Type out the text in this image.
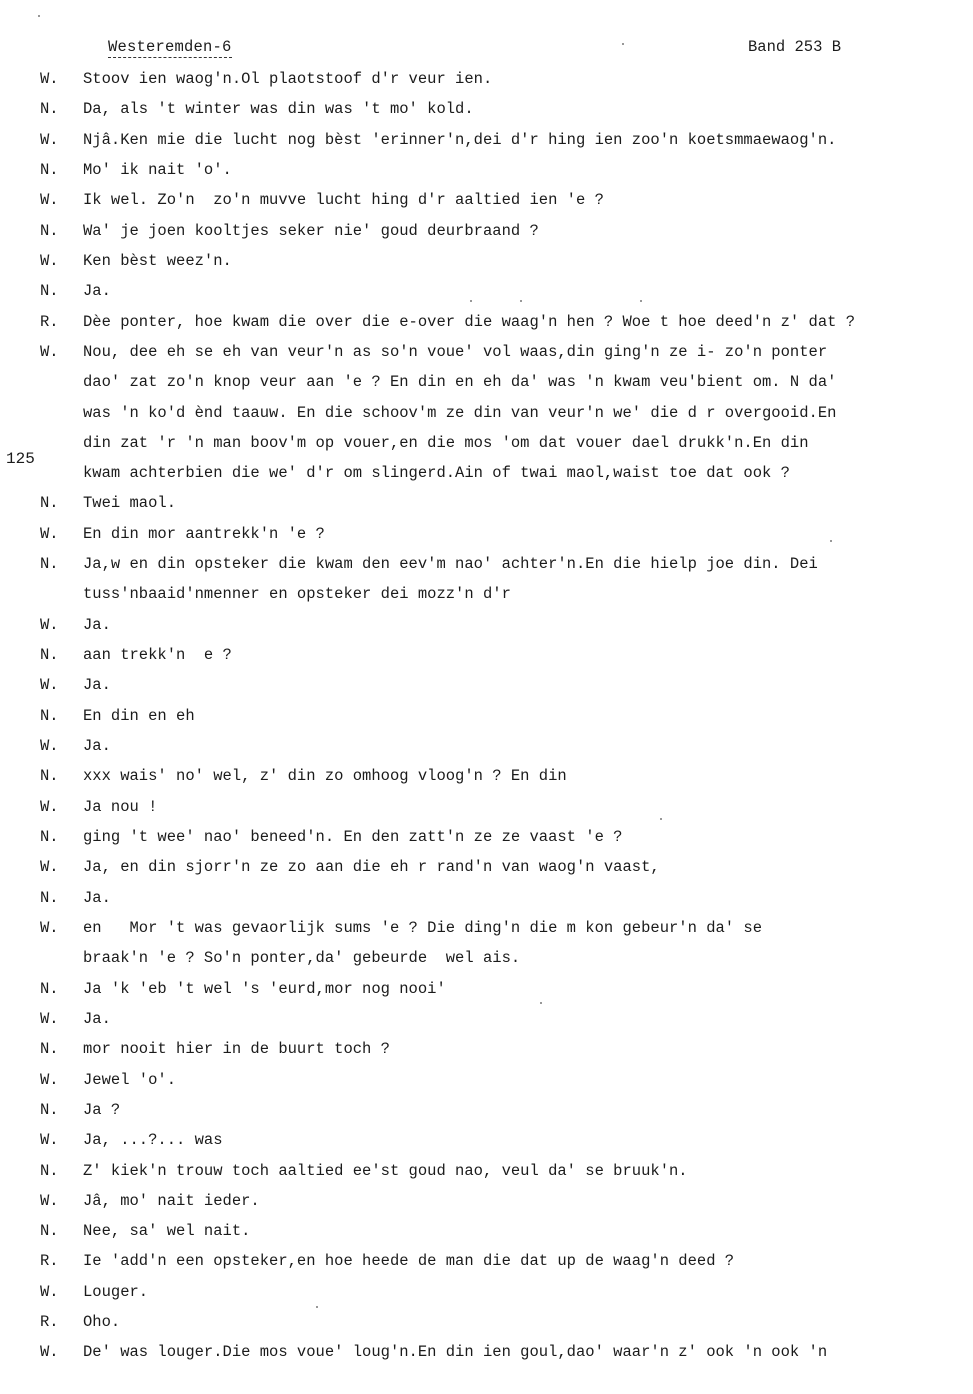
Westeremden-6	Band 253 B
125
W. Stoov ien waog'n.Ol plaotstoof d'r veur ien.
N. Da, als 't winter was din was 't mo' kold.
W. Njâ.Ken mie die lucht nog bèst 'erinner'n,dei d'r hing ien zoo'n koetsmmaewaog'n.
N. Mo' ik nait 'o'.
W. Ik wel. Zo'n  zo'n muvve lucht hing d'r aaltied ien 'e ?
N. Wa' je joen kooltjes seker nie' goud deurbraand ?
W. Ken bèst weez'n.
N. Ja.
R. Dèe ponter, hoe kwam die over die e-over die waag'n hen ? Woe t hoe deed'n z' dat ?
W. Nou, dee eh se eh van veur'n as so'n voue' vol waas,din ging'n ze i- zo'n ponter
dao' zat zo'n knop veur aan 'e ? En din en eh da' was 'n kwam veu'bient om. N da'
was 'n ko'd ènd taauw. En die schoov'm ze din van veur'n we' die d r overgooid.En
din zat 'r 'n man boov'm op vouer,en die mos 'om dat vouer dael drukk'n.En din
kwam achterbien die we' d'r om slingerd.Ain of twai maol,waist toe dat ook ?
N. Twei maol.
W. En din mor aantrekk'n 'e ?
N. Ja,w en din opsteker die kwam den eev'm nao' achter'n.En die hielp joe din. Dei
tuss'nbaaid'nmenner en opsteker dei mozz'n d'r
W. Ja.
N. aan trekk'n  e ?
W. Ja.
N. En din en eh
W. Ja.
N. xxx wais' no' wel, z' din zo omhoog vloog'n ? En din
W. Ja nou !
N. ging 't wee' nao' beneed'n. En den zatt'n ze ze vaast 'e ?
W. Ja, en din sjorr'n ze zo aan die eh r rand'n van waog'n vaast,
N. Ja.
W. en   Mor 't was gevaorlijk sums 'e ? Die ding'n die m kon gebeur'n da' se
braak'n 'e ? So'n ponter,da' gebeurde  wel ais.
N. Ja 'k 'eb 't wel 's 'eurd,mor nog nooi'
W. Ja.
N. mor nooit hier in de buurt toch ?
W. Jewel 'o'.
N. Ja ?
W. Ja, ...?... was
N. Z' kiek'n trouw toch aaltied ee'st goud nao, veul da' se bruuk'n.
W. Jâ, mo' nait ieder.
N. Nee, sa' wel nait.
R. Ie 'add'n een opsteker,en hoe heede de man die dat up de waag'n deed ?
W. Louger.
R. Oho.
W. De' was louger.Die mos voue' loug'n.En din ien goul,dao' waar'n z' ook 'n ook 'n
